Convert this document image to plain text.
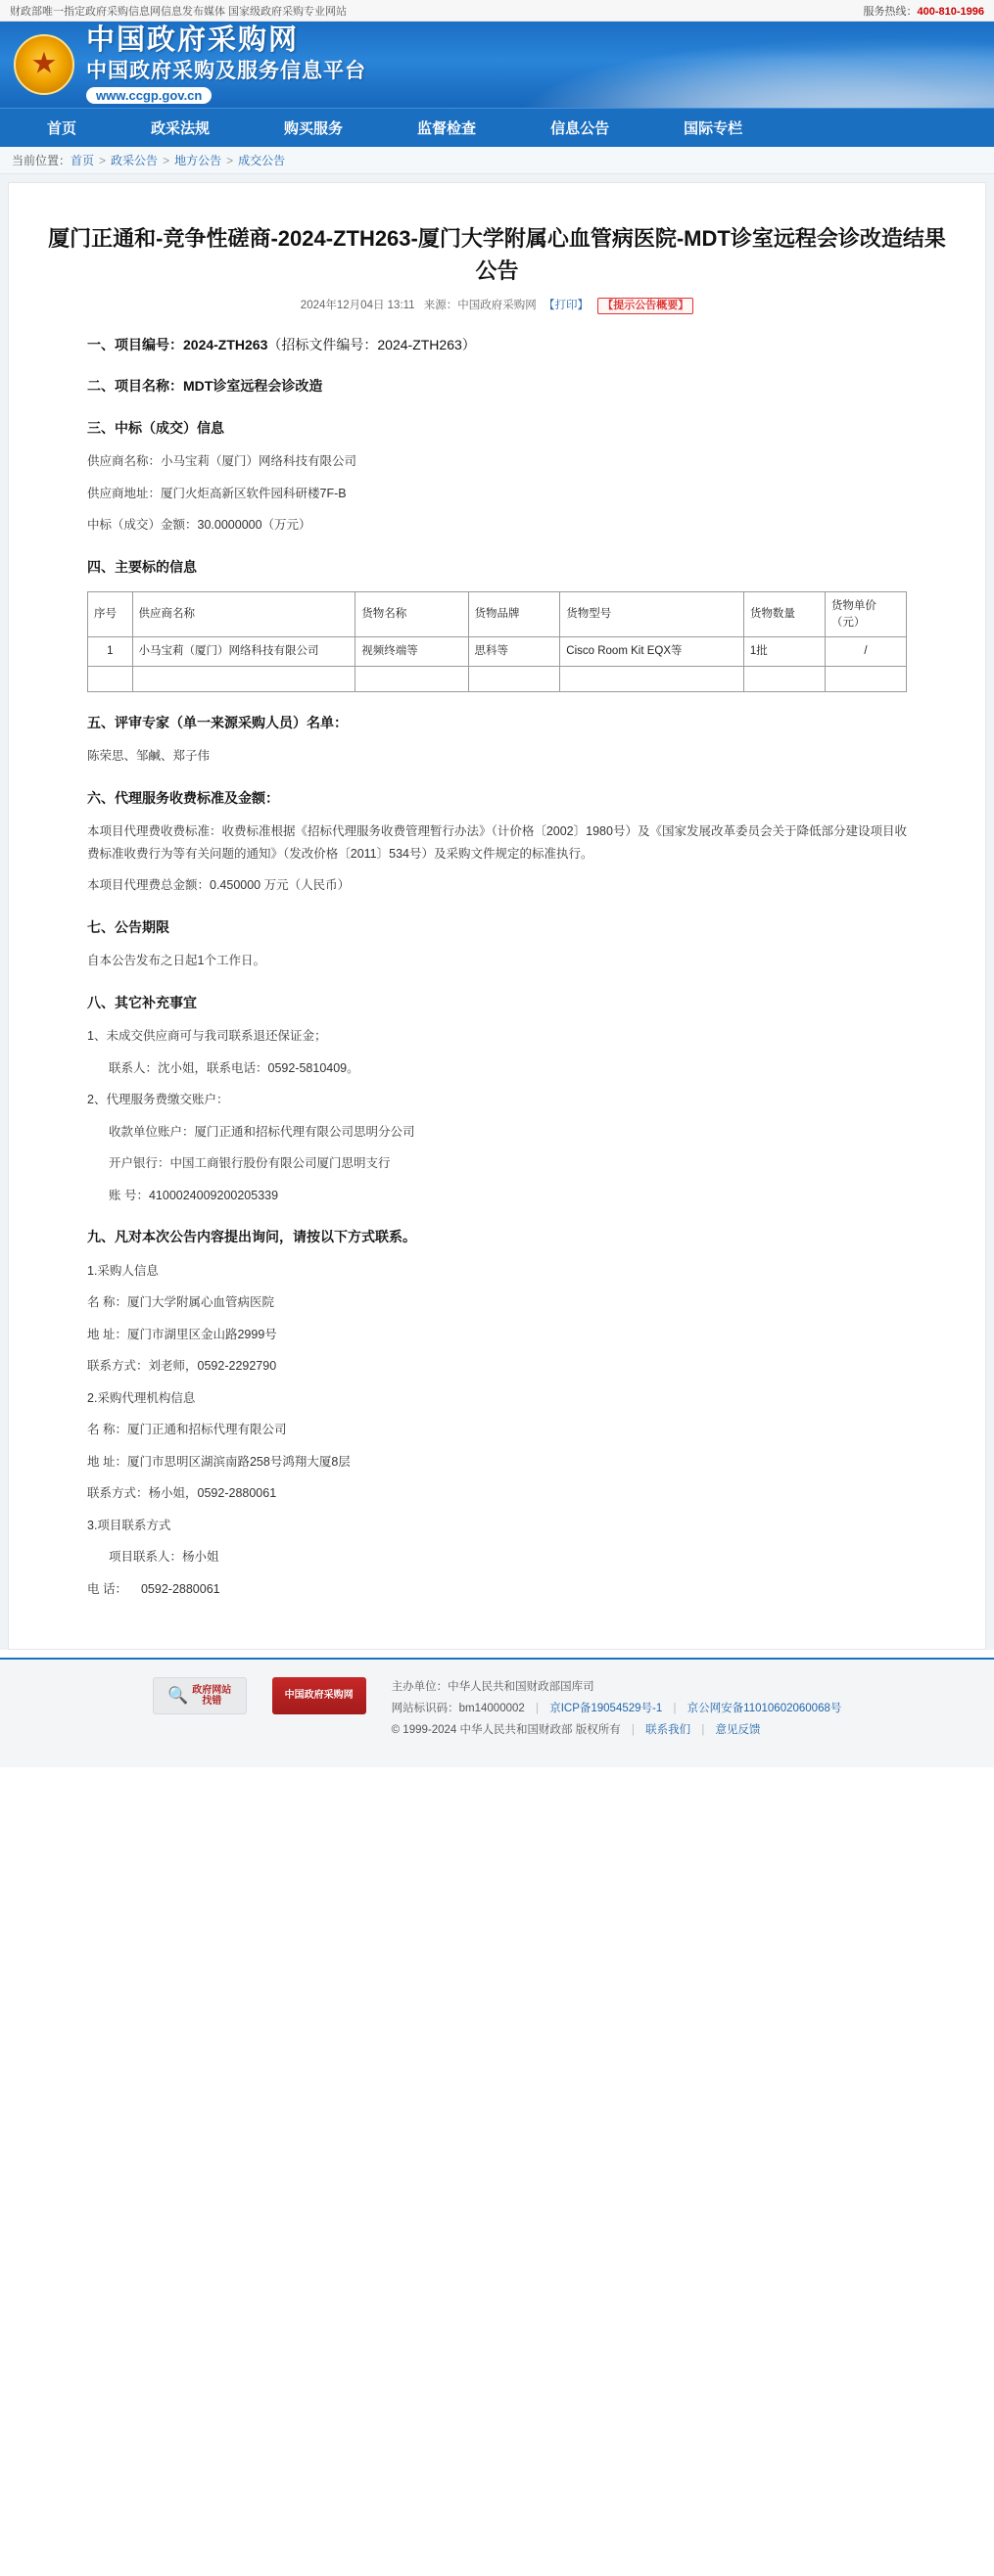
财政部唯一指定政府采购信息网信息发布媒体 国家级政府采购专业网站	服务热线：400-810-1996
★
中国政府采购网
中国政府采购及服务信息平台
www.ccgp.gov.cn
首页	政采法规	购买服务	监督检查	信息公告	国际专栏
当前位置： 首页 > 政采公告 > 地方公告 > 成交公告
厦门正通和-竞争性磋商-2024-ZTH263-厦门大学附属心血管病医院-MDT诊室远程会诊改造结果公告
2024年12月04日 13:11 来源：中国政府采购网 【打印】 【提示公告概要】
一、项目编号：2024-ZTH263（招标文件编号：2024-ZTH263）
二、项目名称：MDT诊室远程会诊改造
三、中标（成交）信息

供应商名称：小马宝莉（厦门）网络科技有限公司

供应商地址：厦门火炬高新区软件园科研楼7F-B

中标（成交）金额：30.0000000（万元）

四、主要标的信息
序号	供应商名称	货物名称	货物品牌	货物型号	货物数量	货物单价（元）
1	小马宝莉（厦门）网络科技有限公司	视频终端等	思科等	Cisco Room Kit EQX等	1批	/

五、评审专家（单一来源采购人员）名单：

陈荣思、邹鹹、郑子伟

六、代理服务收费标准及金额：

本项目代理费收费标准：收费标准根据《招标代理服务收费管理暂行办法》（计价格〔2002〕1980号）及《国家发展改革委员会关于降低部分建设项目收费标准收费行为等有关问题的通知》（发改价格〔2011〕534号）及采购文件规定的标准执行。

本项目代理费总金额：0.450000 万元（人民币）

七、公告期限

自本公告发布之日起1个工作日。

八、其它补充事宜

1、未成交供应商可与我司联系退还保证金；

联系人：沈小姐，联系电话：0592-5810409。

2、代理服务费缴交账户：

收款单位账户：厦门正通和招标代理有限公司思明分公司

开户银行：中国工商银行股份有限公司厦门思明支行

账 号：4100024009200205339

九、凡对本次公告内容提出询问，请按以下方式联系。

1.采购人信息

名 称：厦门大学附属心血管病医院

地 址：厦门市湖里区金山路2999号

联系方式：刘老师，0592-2292790

2.采购代理机构信息

名 称：厦门正通和招标代理有限公司

地 址：厦门市思明区湖滨南路258号鸿翔大厦8层

联系方式：杨小姐，0592-2880061

3.项目联系方式

项目联系人：杨小姐

电 话： 0592-2880061

🔍 政府网站
找错
中国政府采购网
主办单位：中华人民共和国财政部国库司
网站标识码：bm14000002 | 京ICP备19054529号-1 | 京公网安备11010602060068号
© 1999-2024 中华人民共和国财政部 版权所有 | 联系我们 | 意见反馈
